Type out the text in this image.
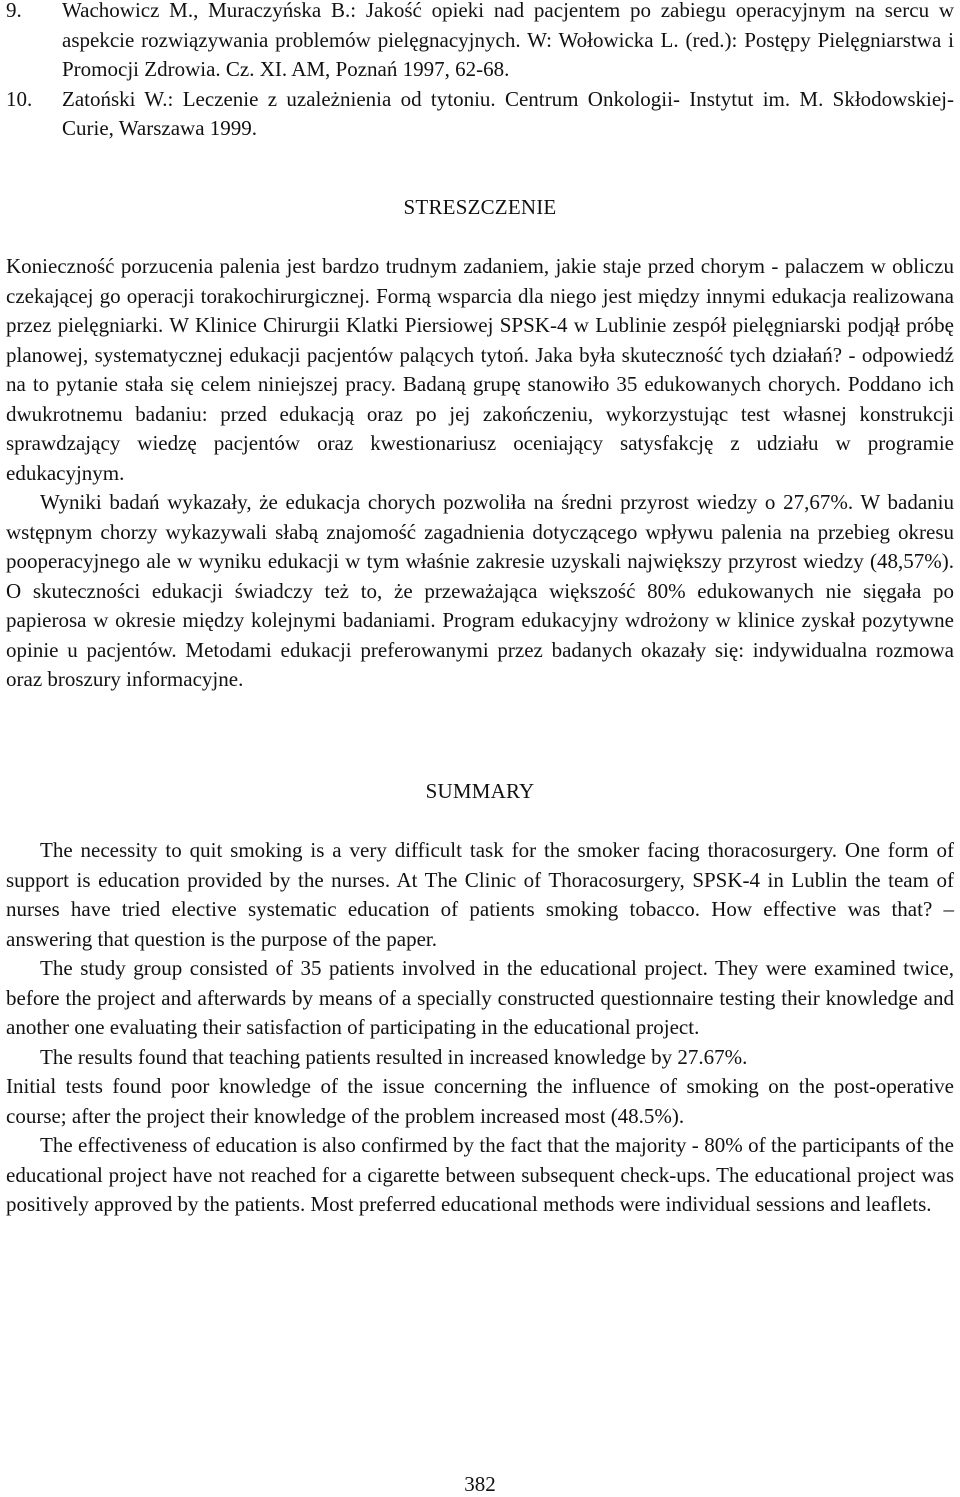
9. Wachowicz M., Muraczyńska B.: Jakość opieki nad pacjentem po zabiegu operacyjnym na sercu w aspekcie rozwiązywania problemów pielęgnacyjnych. W: Wołowicka L. (red.): Postępy Pielęgniarstwa i Promocji Zdrowia. Cz. XI. AM, Poznań 1997, 62-68.

10. Zatoński W.: Leczenie z uzależnienia od tytoniu. Centrum Onkologii- Instytut im. M. Skłodowskiej-Curie, Warszawa 1999.

STRESZCZENIE

Konieczność porzucenia palenia jest bardzo trudnym zadaniem, jakie staje przed chorym - palaczem w obliczu czekającej go operacji torakochirurgicznej. Formą wsparcia dla niego jest między innymi edukacja realizowana przez pielęgniarki. W Klinice Chirurgii Klatki Piersiowej SPSK-4 w Lublinie zespół pielęgniarski podjął próbę planowej, systematycznej edukacji pacjentów palących tytoń. Jaka była skuteczność tych działań? - odpowiedź na to pytanie stała się celem niniejszej pracy. Badaną grupę stanowiło 35 edukowanych chorych. Poddano ich dwukrotnemu badaniu: przed edukacją oraz po jej zakończeniu, wykorzystując test własnej konstrukcji sprawdzający wiedzę pacjentów oraz kwestionariusz oceniający satysfakcję z udziału w programie edukacyjnym.

Wyniki badań wykazały, że edukacja chorych pozwoliła na średni przyrost wiedzy o 27,67%. W badaniu wstępnym chorzy wykazywali słabą znajomość zagadnienia dotyczącego wpływu palenia na przebieg okresu pooperacyjnego ale w wyniku edukacji w tym właśnie zakresie uzyskali największy przyrost wiedzy (48,57%). O skuteczności edukacji świadczy też to, że przeważająca większość 80% edukowanych nie sięgała po papierosa w okresie między kolejnymi badaniami. Program edukacyjny wdrożony w klinice zyskał pozytywne opinie u pacjentów. Metodami edukacji preferowanymi przez badanych okazały się: indywidualna rozmowa oraz broszury informacyjne.

SUMMARY

The necessity to quit smoking is a very difficult task for the smoker facing thoracosurgery. One form of support is education provided by the nurses. At The Clinic of Thoracosurgery, SPSK-4 in Lublin the team of nurses have tried elective systematic education of patients smoking tobacco. How effective was that? – answering that question is the purpose of the paper.

The study group consisted of 35 patients involved in the educational project. They were examined twice, before the project and afterwards by means of a specially constructed questionnaire testing their knowledge and another one evaluating their satisfaction of participating in the educational project.

The results found that teaching patients resulted in increased knowledge by 27.67%.

Initial tests found poor knowledge of the issue concerning the influence of smoking on the post-operative course; after the project their knowledge of the problem increased most (48.5%).

The effectiveness of education is also confirmed by the fact that the majority - 80% of the participants of the educational project have not reached for a cigarette between subsequent check-ups. The educational project was positively approved by the patients. Most preferred educational methods were individual sessions and leaflets.

382
